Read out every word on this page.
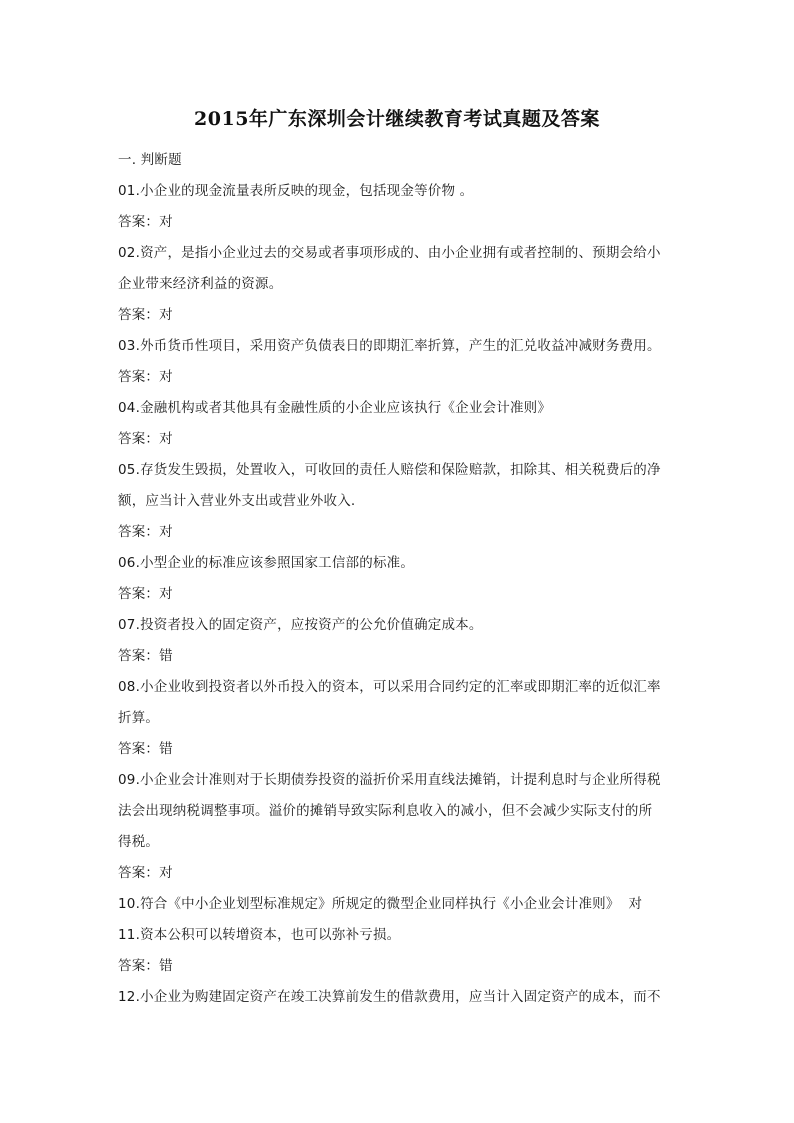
2015年广东深圳会计继续教育考试真题及答案
一. 判断题
01.小企业的现金流量表所反映的现金，包括现金等价物 。
答案：对
02.资产，是指小企业过去的交易或者事项形成的、由小企业拥有或者控制的、预期会给小
企业带来经济利益的资源。
答案：对
03.外币货币性项目，采用资产负债表日的即期汇率折算，产生的汇兑收益冲减财务费用。
答案：对
04.金融机构或者其他具有金融性质的小企业应该执行《企业会计准则》
答案：对
05.存货发生毁损，处置收入，可收回的责任人赔偿和保险赔款，扣除其、相关税费后的净
额，应当计入营业外支出或营业外收入.
答案：对
06.小型企业的标准应该参照国家工信部的标准。
答案：对
07.投资者投入的固定资产，应按资产的公允价值确定成本。
答案：错
08.小企业收到投资者以外币投入的资本，可以采用合同约定的汇率或即期汇率的近似汇率
折算。
答案：错
09.小企业会计准则对于长期债券投资的溢折价采用直线法摊销，计提利息时与企业所得税
法会出现纳税调整事项。溢价的摊销导致实际利息收入的减小，但不会减少实际支付的所
得税。
答案：对
10.符合《中小企业划型标准规定》所规定的微型企业同样执行《小企业会计准则》  对
11.资本公积可以转增资本，也可以弥补亏损。
答案：错
12.小企业为购建固定资产在竣工决算前发生的借款费用，应当计入固定资产的成本，而不
